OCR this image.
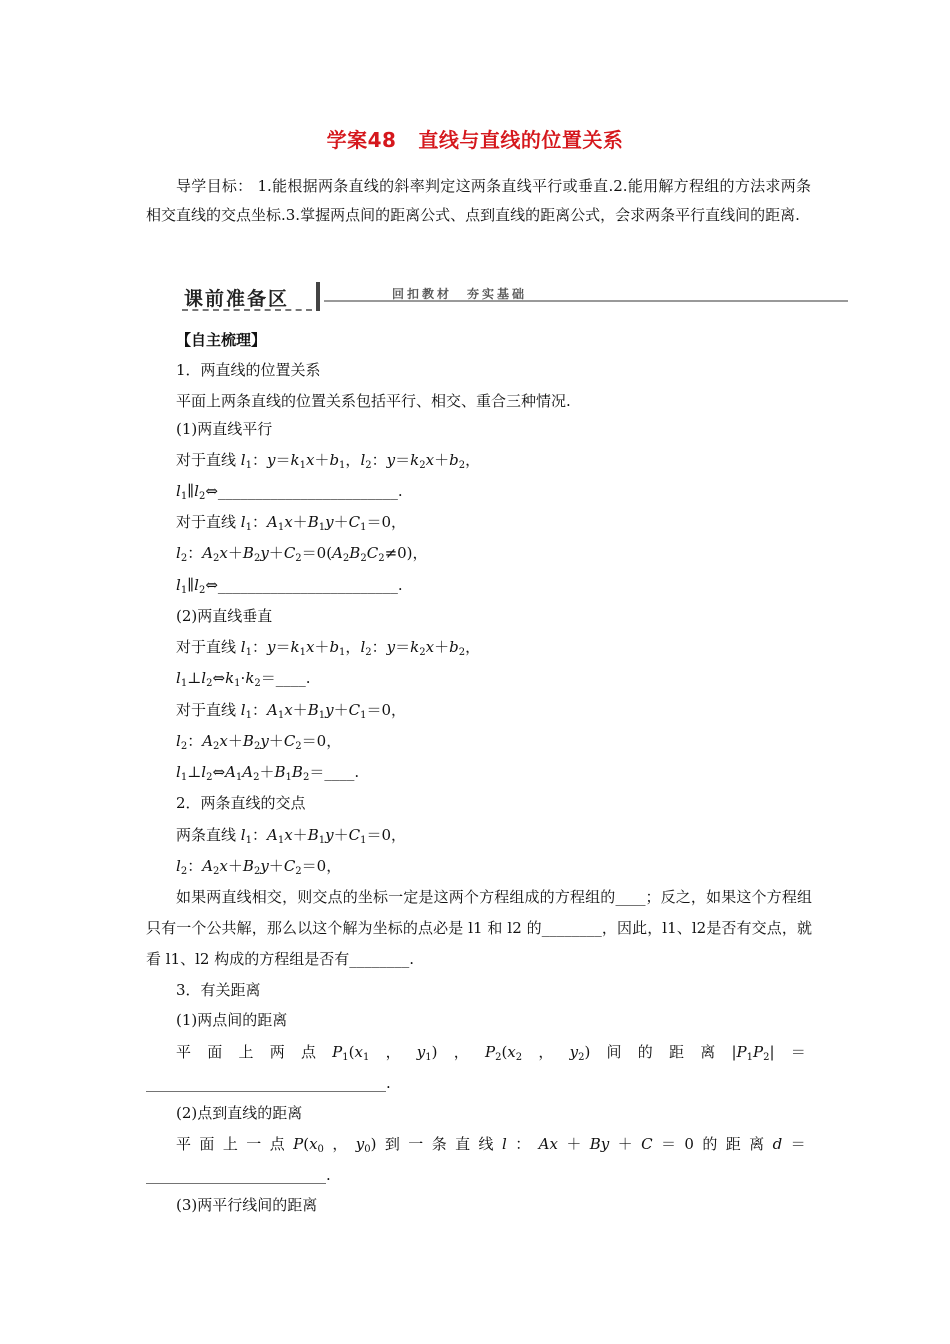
学案48 直线与直线的位置关系
导学目标： 1.能根据两条直线的斜率判定这两条直线平行或垂直.2.能用解方程组的方法求两条相交直线的交点坐标.3.掌握两点间的距离公式、点到直线的距离公式，会求两条平行直线间的距离.
课前准备区	回扣教材　夯实基础
【自主梳理】
1．两直线的位置关系
平面上两条直线的位置关系包括平行、相交、重合三种情况.
(1)两直线平行
对于直线 $l_1$：$y=k_1x+b_1$，$l_2$：$y=k_2x+b_2$，
$l_1\parallel l_2\Leftrightarrow\_\_\_\_\_\_\_\_\_\_\_\_\_\_\_\_\_\_\_\_\_\_\_\_$.
对于直线 $l_1$：$A_1x+B_1y+C_1=0$，
$l_2$：$A_2x+B_2y+C_2=0(A_2B_2C_2\ne 0)$，
$l_1\parallel l_2\Leftrightarrow\_\_\_\_\_\_\_\_\_\_\_\_\_\_\_\_\_\_\_\_\_\_\_\_$.
(2)两直线垂直
对于直线 $l_1$：$y=k_1x+b_1$，$l_2$：$y=k_2x+b_2$，
$l_1\perp l_2\Leftrightarrow k_1\cdot k_2=\_\_\_\_$.
对于直线 $l_1$：$A_1x+B_1y+C_1=0$，
$l_2$：$A_2x+B_2y+C_2=0$，
$l_1\perp l_2\Leftrightarrow A_1A_2+B_1B_2=\_\_\_\_$.
2．两条直线的交点
两条直线 $l_1$：$A_1x+B_1y+C_1=0$，
$l_2$：$A_2x+B_2y+C_2=0$，
如果两直线相交，则交点的坐标一定是这两个方程组成的方程组的____；反之，如果这个方程组只有一个公共解，那么以这个解为坐标的点必是 l1 和 l2 的________，因此，l1、l2是否有交点，就看 l1、l2 构成的方程组是否有________.
3．有关距离
(1)两点间的距离
平 面 上 两 点 $P_1(x_1$ ， $y_1$) ， $P_2(x_2$ ， $y_2$) 间 的 距 离 $|P_1P_2|$ ＝
________________________________.
(2)点到直线的距离
平 面 上 一 点 $P(x_0$ ， $y_0$) 到 一 条 直 线 l ： Ax ＋ By ＋ C ＝ 0 的 距 离 d ＝
________________________.
(3)两平行线间的距离
